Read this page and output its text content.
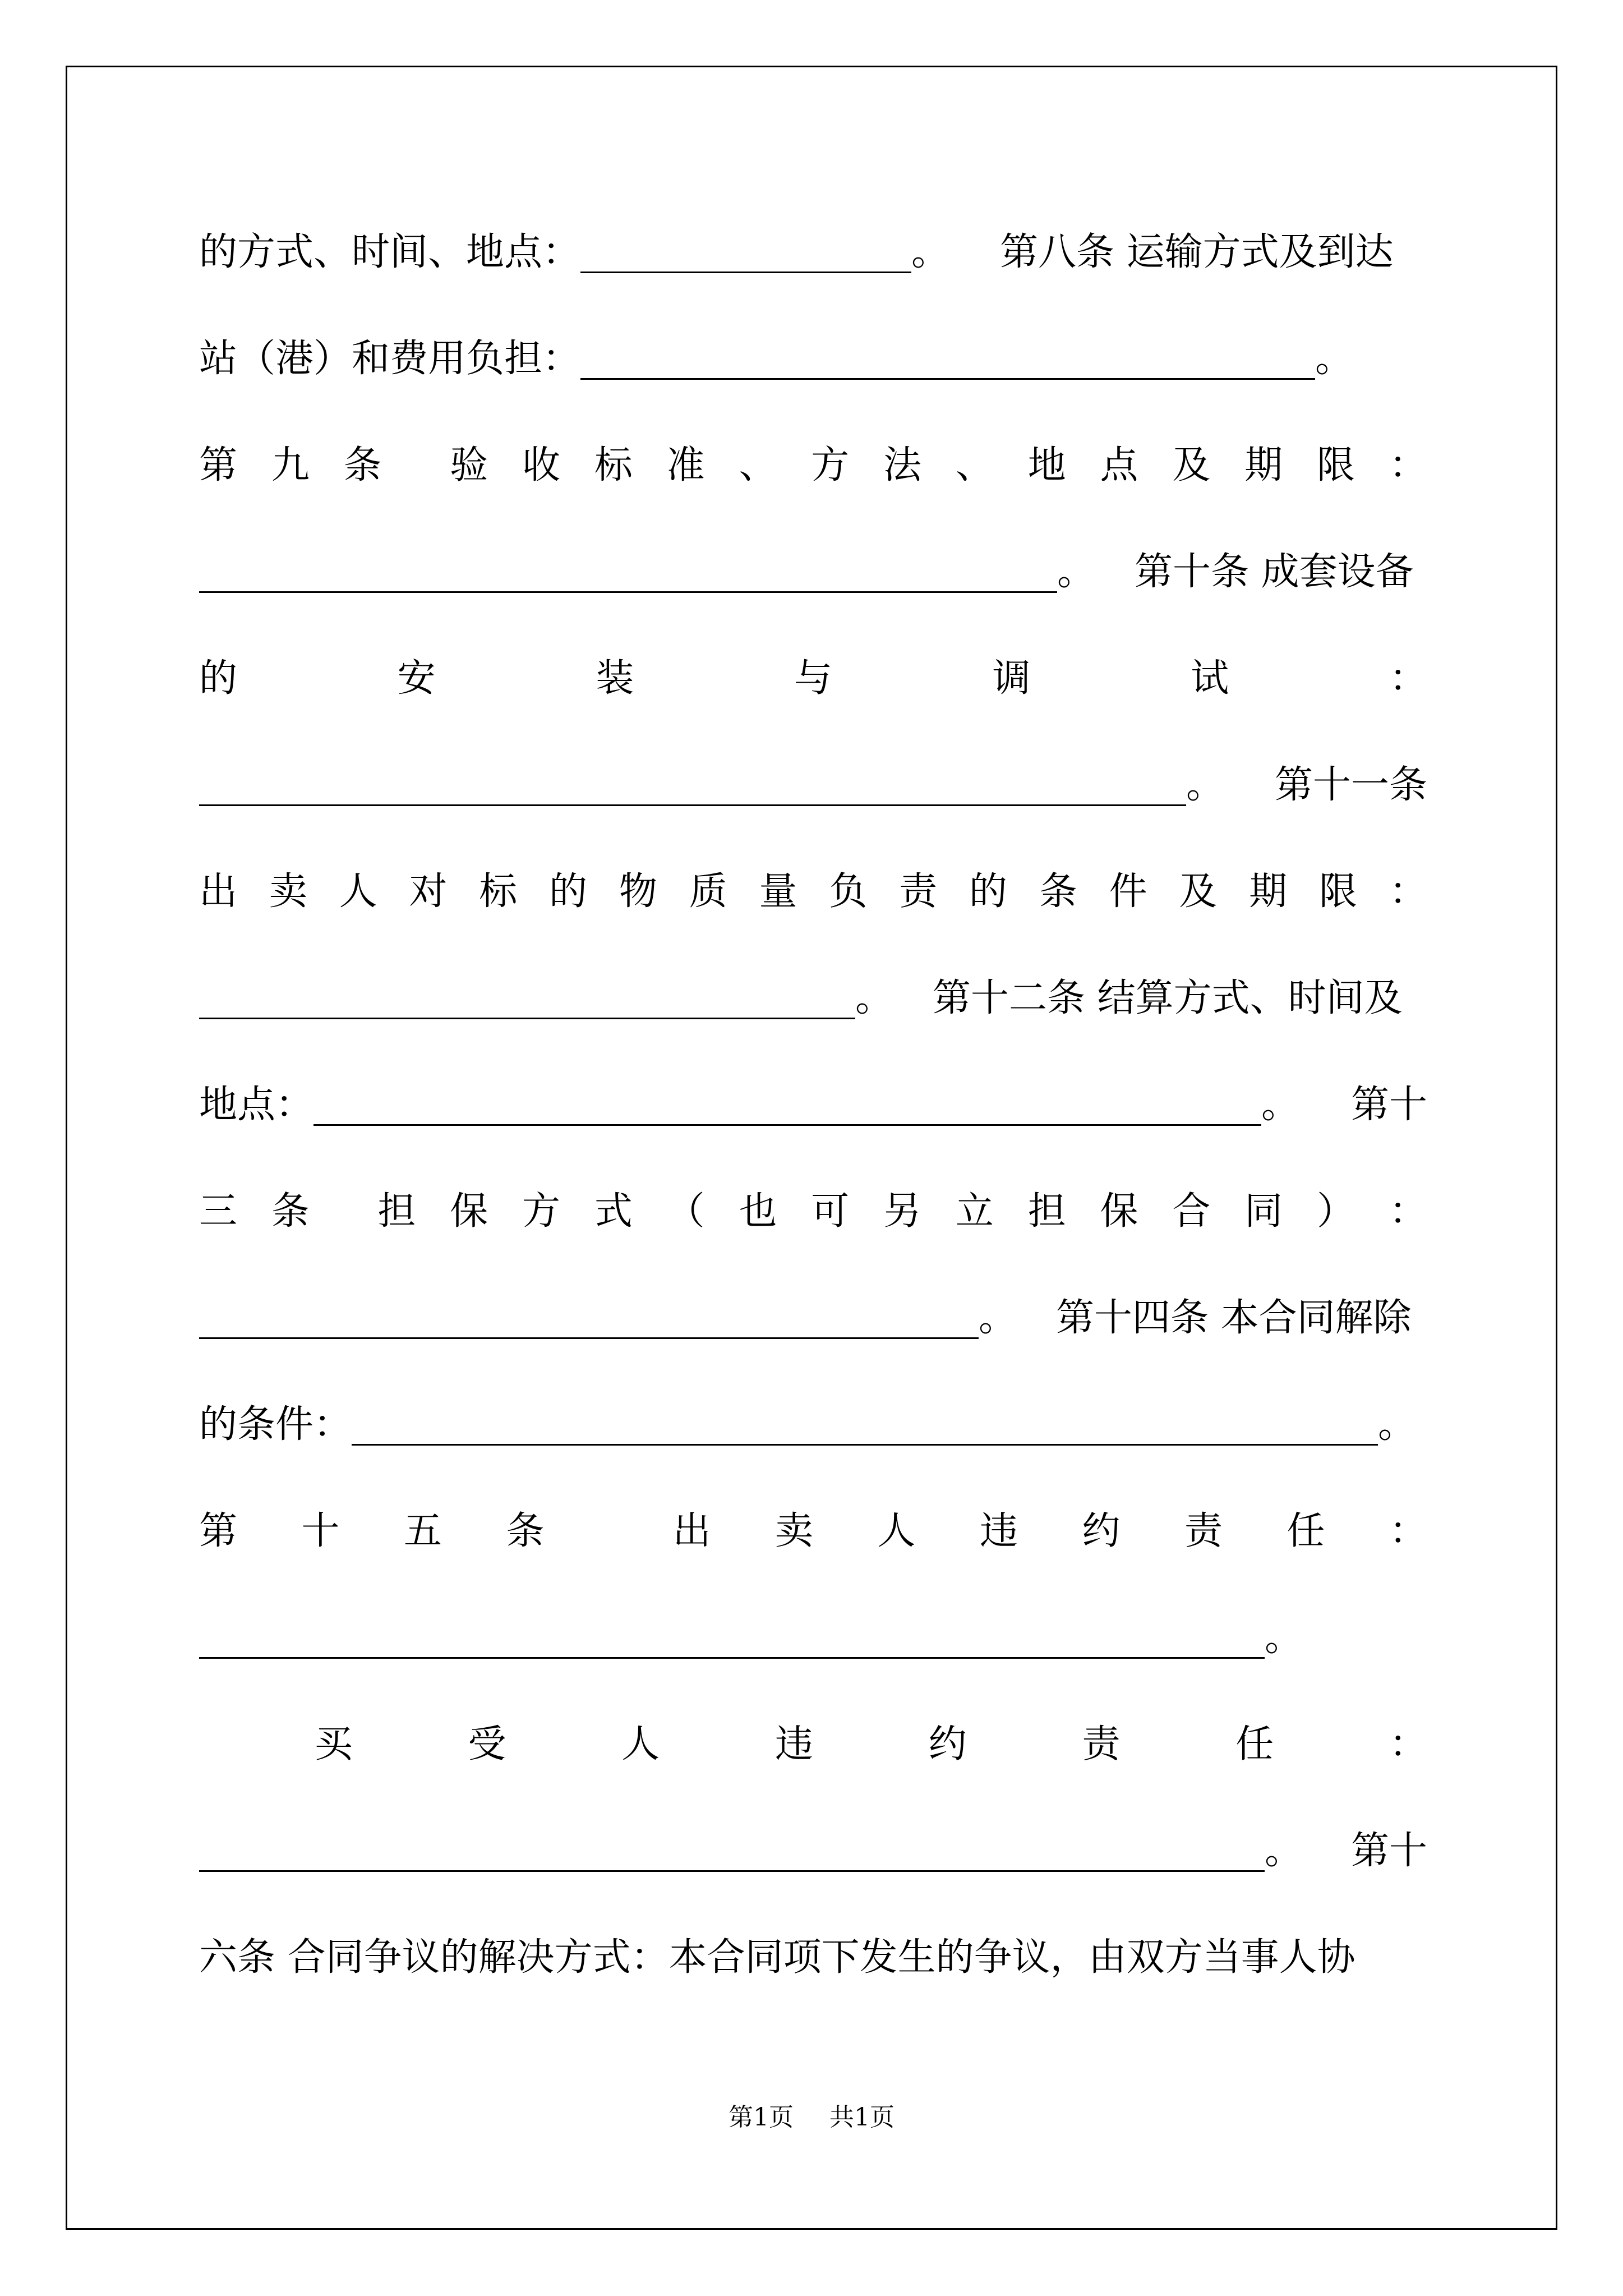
的方式、时间、地点：	。 第八条 运输方式及到达
站（港）和费用负担：	。
第 九 条 验 收 标 准 、 方 法 、 地 点 及 期 限 ：
。 第十条 成套设备
的	安	装	与	调	试	：
。 第十一条
出 卖 人 对 标 的 物 质 量 负 责 的 条 件 及 期 限 ：
。 第十二条 结算方式、时间及
地点：	。 第十
三 条 担 保 方 式 （ 也 可 另 立 担 保 合 同 ） ：
。 第十四条 本合同解除
的条件：	。
第 十 五 条	出 卖 人 违 约 责 任 ：
。
买	受	人	违	约	责	任	：
。 第十
六条 合同争议的解决方式：本合同项下发生的争议，由双方当事人协
第1页 共1页
